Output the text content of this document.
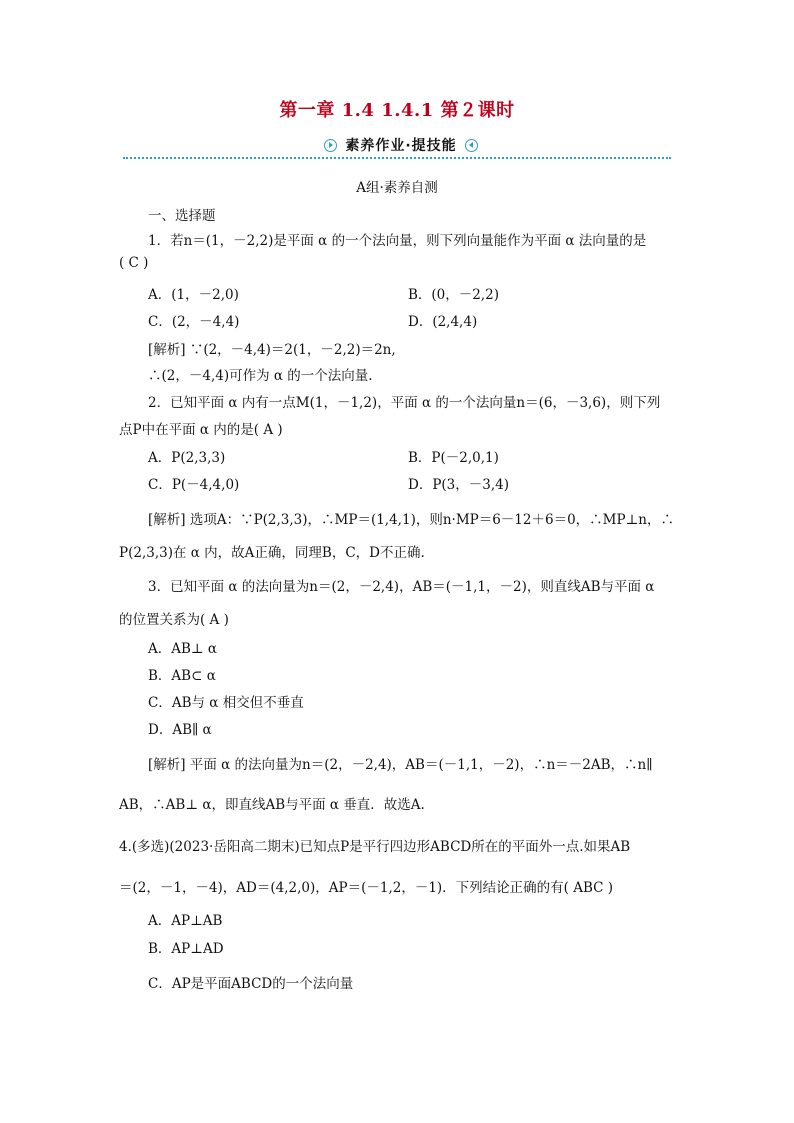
第一章 1.4 1.4.1 第２课时
素养作业·提技能
A组·素养自测
一、选择题
1．若n＝(1，－2,2)是平面 α 的一个法向量，则下列向量能作为平面 α 法向量的是
( C )
A．(1，－2,0)	B．(0，－2,2)
C．(2，－4,4)	D．(2,4,4)
[解析] ∵(2，－4,4)＝2(1，－2,2)＝2n,
∴(2，－4,4)可作为 α 的一个法向量.
2．已知平面 α 内有一点M(1，－1,2)，平面 α 的一个法向量n＝(6，－3,6)，则下列
点P中在平面 α 内的是( A )
A．P(2,3,3)	B．P(－2,0,1)
C．P(－4,4,0)	D．P(3，－3,4)
[解析] 选项A：∵P(2,3,3)，∴MP＝(1,4,1)，则n·MP＝6－12＋6＝0，∴MP⊥n，∴
P(2,3,3)在 α 内，故A正确，同理B，C，D不正确.
3．已知平面 α 的法向量为n＝(2，－2,4)，AB＝(－1,1，－2)，则直线AB与平面 α
的位置关系为( A )
A．AB⊥ α
B．AB⊂ α
C．AB与 α 相交但不垂直
D．AB∥ α
[解析] 平面 α 的法向量为n＝(2，－2,4)，AB＝(－1,1，－2)，∴n＝－2AB，∴n∥
AB，∴AB⊥ α，即直线AB与平面 α 垂直．故选A.
4.(多选)(2023·岳阳高二期末)已知点P是平行四边形ABCD所在的平面外一点.如果AB
＝(2，－1，－4)，AD＝(4,2,0)，AP＝(－1,2，－1)．下列结论正确的有( ABC )
A．AP⊥AB
B．AP⊥AD
C．AP是平面ABCD的一个法向量
